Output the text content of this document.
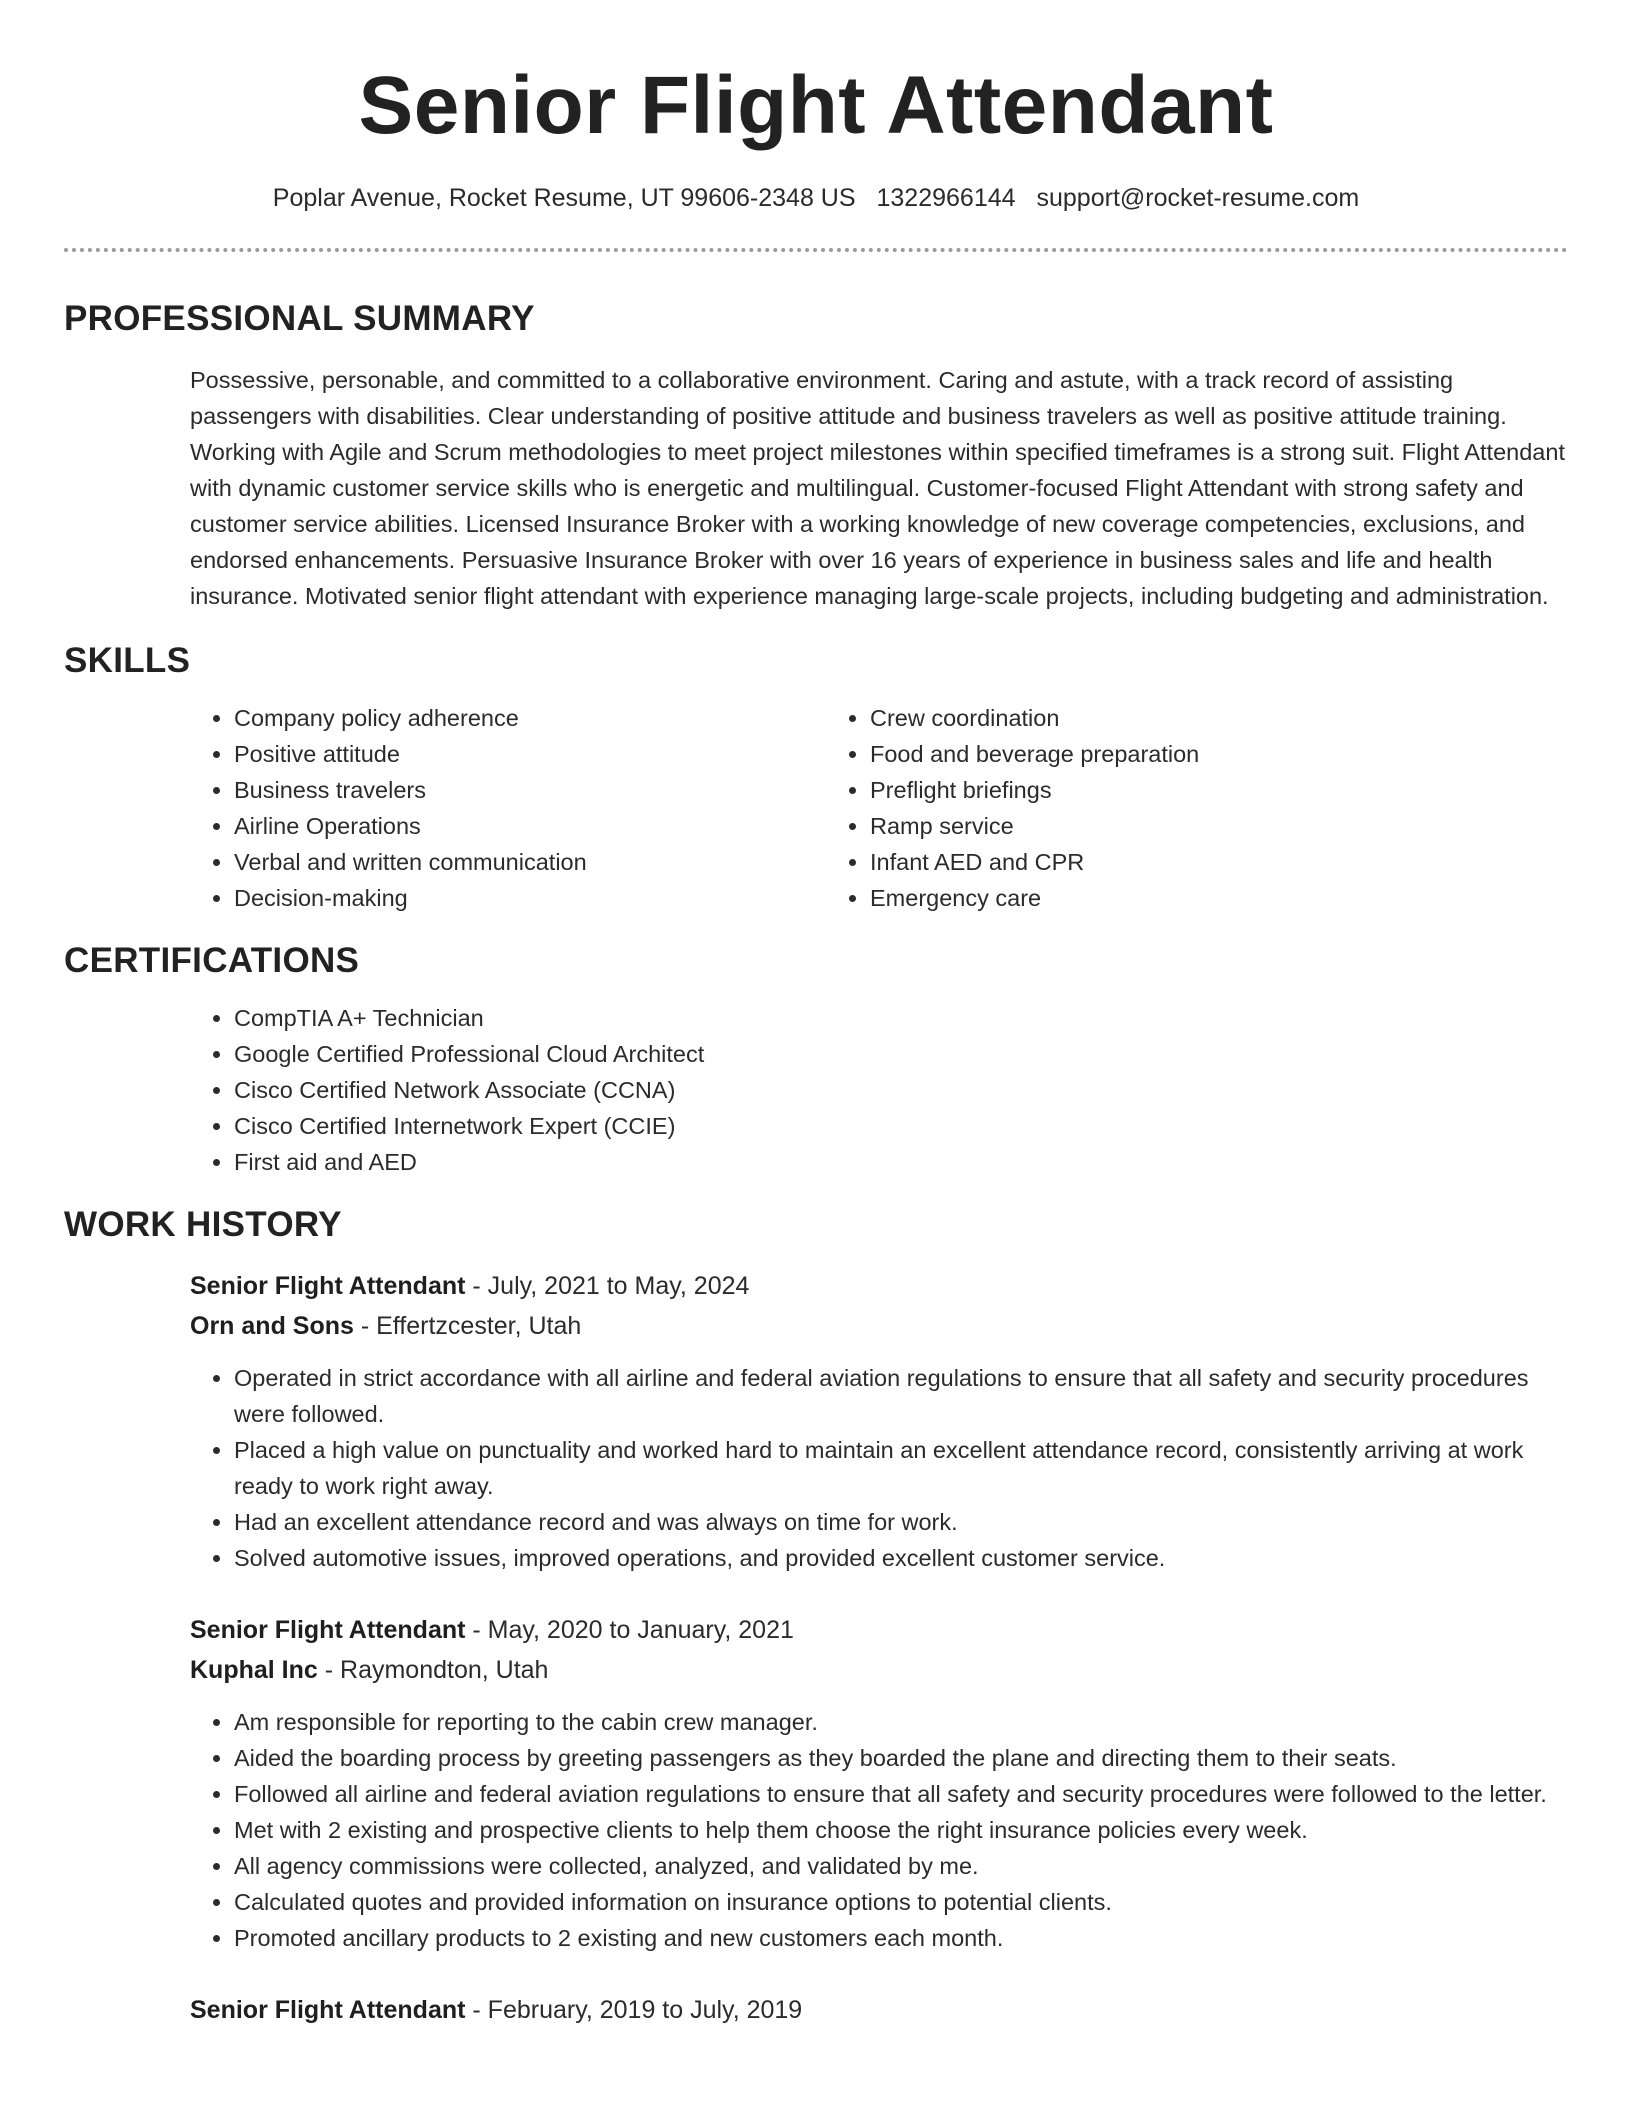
Senior Flight Attendant
Poplar Avenue, Rocket Resume, UT 99606-2348 US 1322966144 support@rocket-resume.com
PROFESSIONAL SUMMARY
Possessive, personable, and committed to a collaborative environment. Caring and astute, with a track record of assisting passengers with disabilities. Clear understanding of positive attitude and business travelers as well as positive attitude training. Working with Agile and Scrum methodologies to meet project milestones within specified timeframes is a strong suit. Flight Attendant with dynamic customer service skills who is energetic and multilingual. Customer-focused Flight Attendant with strong safety and customer service abilities. Licensed Insurance Broker with a working knowledge of new coverage competencies, exclusions, and endorsed enhancements. Persuasive Insurance Broker with over 16 years of experience in business sales and life and health insurance. Motivated senior flight attendant with experience managing large-scale projects, including budgeting and administration.
SKILLS
• Company policy adherence
• Positive attitude
• Business travelers
• Airline Operations
• Verbal and written communication
• Decision-making
• Crew coordination
• Food and beverage preparation
• Preflight briefings
• Ramp service
• Infant AED and CPR
• Emergency care
CERTIFICATIONS
• CompTIA A+ Technician
• Google Certified Professional Cloud Architect
• Cisco Certified Network Associate (CCNA)
• Cisco Certified Internetwork Expert (CCIE)
• First aid and AED
WORK HISTORY
Senior Flight Attendant - July, 2021 to May, 2024
Orn and Sons - Effertzcester, Utah
• Operated in strict accordance with all airline and federal aviation regulations to ensure that all safety and security procedures were followed.
• Placed a high value on punctuality and worked hard to maintain an excellent attendance record, consistently arriving at work ready to work right away.
• Had an excellent attendance record and was always on time for work.
• Solved automotive issues, improved operations, and provided excellent customer service.
Senior Flight Attendant - May, 2020 to January, 2021
Kuphal Inc - Raymondton, Utah
• Am responsible for reporting to the cabin crew manager.
• Aided the boarding process by greeting passengers as they boarded the plane and directing them to their seats.
• Followed all airline and federal aviation regulations to ensure that all safety and security procedures were followed to the letter.
• Met with 2 existing and prospective clients to help them choose the right insurance policies every week.
• All agency commissions were collected, analyzed, and validated by me.
• Calculated quotes and provided information on insurance options to potential clients.
• Promoted ancillary products to 2 existing and new customers each month.
Senior Flight Attendant - February, 2019 to July, 2019
